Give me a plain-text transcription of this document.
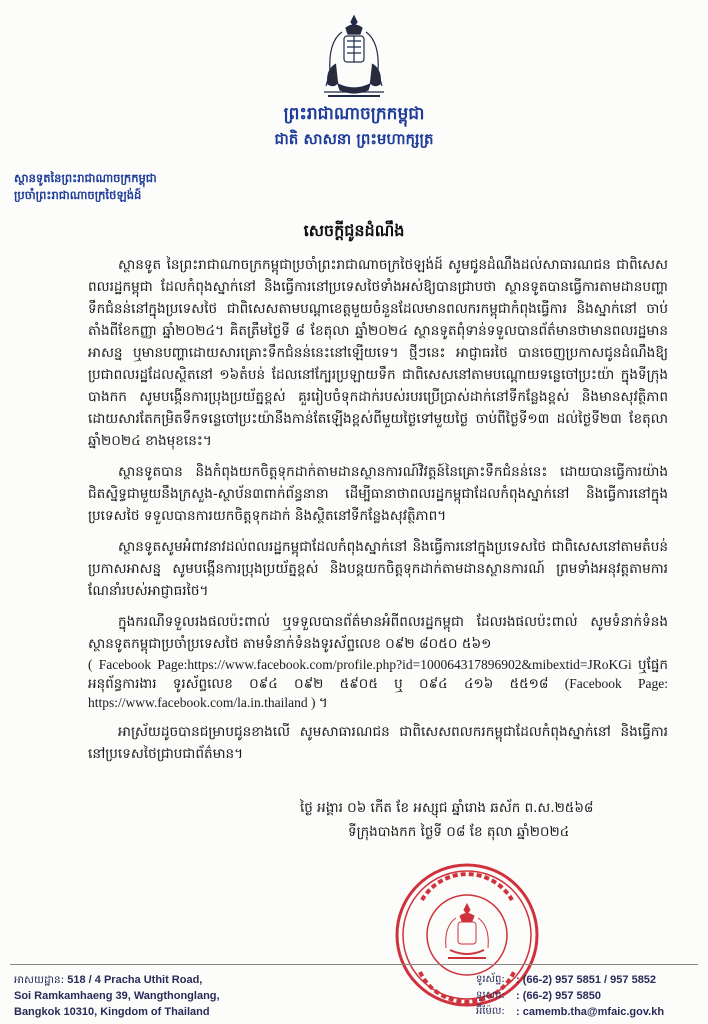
ព្រះរាជាណាចក្រកម្ពុជា
ជាតិ សាសនា ព្រះមហាក្សត្រ
ស្ថានទូតនៃព្រះរាជាណាចក្រកម្ពុជា
ប្រចាំព្រះរាជាណាចក្រថៃឡង់ដ៍
សេចក្តីជូនដំណឹង

ស្ថានទូត នៃព្រះរាជាណាចក្រកម្ពុជាប្រចាំព្រះរាជាណាចក្រថៃឡង់ដ៍ សូមជូនដំណឹងដល់សាធារណជន ជាពិសេសពលរដ្ឋកម្ពុជា ដែលកំពុងស្នាក់នៅ និងធ្វើការនៅប្រទេសថៃទាំងអស់ឱ្យបានជ្រាបថា ស្ថានទូតបានធ្វើការតាមដានបញ្ហាទឹកជំនន់នៅក្នុងប្រទេសថៃ ជាពិសេសតាមបណ្តាខេត្តមួយចំនួនដែលមានពលករកម្ពុជាកំពុងធ្វើការ និងស្នាក់នៅ ចាប់តាំងពីខែកញ្ញា ឆ្នាំ២០២៤។ គិតត្រឹមថ្ងៃទី ៨ ខែតុលា ឆ្នាំ២០២៤ ស្ថានទូតពុំទាន់ទទួលបានព័ត៌មានថាមានពលរដ្ឋមានអាសន្ន ឬមានបញ្ហាដោយសារគ្រោះទឹកជំនន់នេះនៅឡើយទេ។ ថ្មីៗនេះ អាជ្ញាធរថៃ បានចេញប្រកាសជូនដំណឹងឱ្យប្រជាពលរដ្ឋដែលស្ថិតនៅ ១៦តំបន់ ដែលនៅក្បែរប្រឡាយទឹក ជាពិសេសនៅតាមបណ្តោយទន្លេចៅប្រះយ៉ា ក្នុងទីក្រុងបាងកក សូមបង្កើនការប្រុងប្រយ័ត្នខ្ពស់ គួររៀបចំទុកដាក់របស់របរប្រើប្រាស់ដាក់នៅទីកន្លែងខ្ពស់ និងមានសុវត្ថិភាព ដោយសារតែកម្រិតទឹកទន្លេចៅប្រះយ៉ានឹងកាន់តែឡើងខ្ពស់ពីមួយថ្ងៃទៅមួយថ្ងៃ ចាប់ពីថ្ងៃទី១៣ ដល់ថ្ងៃទី២៣ ខែតុលា ឆ្នាំ២០២៤ ខាងមុខនេះ។

ស្ថានទូតបាន និងកំពុងយកចិត្តទុកដាក់តាមដានស្ថានការណ៍វិវត្តន៍នៃគ្រោះទឹកជំនន់នេះ ដោយបានធ្វើការយ៉ាងជិតស្និទ្ធជាមួយនឹងក្រសួង-ស្ថាប័ន៣ពាក់ព័ន្ធនានា ដើម្បីធានាថាពលរដ្ឋកម្ពុជាដែលកំពុងស្នាក់នៅ និងធ្វើការនៅក្នុងប្រទេសថៃ ទទួលបានការយកចិត្តទុកដាក់ និងស្ថិតនៅទីកន្លែងសុវត្ថិភាព។

ស្ថានទូតសូមអំពាវនាវដល់ពលរដ្ឋកម្ពុជាដែលកំពុងស្នាក់នៅ និងធ្វើការនៅក្នុងប្រទេសថៃ ជាពិសេសនៅតាមតំបន់ប្រកាសអាសន្ន សូមបង្កើនការប្រុងប្រយ័ត្នខ្ពស់ និងបន្តយកចិត្តទុកដាក់តាមដានស្ថានការណ៍ ព្រមទាំងអនុវត្តតាមការណែនាំរបស់អាជ្ញាធរថៃ។

ក្នុងករណីទទួលរងផលប៉ះពាល់ ឬទទួលបានព័ត៌មានអំពីពលរដ្ឋកម្ពុជា ដែលរងផលប៉ះពាល់ សូមទំនាក់ទំនងស្ថានទូតកម្ពុជាប្រចាំប្រទេសថៃ តាមទំនាក់ទំនងទូរស័ព្ទលេខ ០៩២ ៨០៥០ ៥៦១

( Facebook Page:https://www.facebook.com/profile.php?id=100064317896902&mibextid=JRoKGi ឬផ្នែកអនុព័ន្ធការងារ ទូរស័ព្ទលេខ ០៩៤ ០៩២ ៥៩០៥ ឬ ០៩៤ ៤១៦ ៥៥១៨ (Facebook Page: https://www.facebook.com/la.in.thailand ) ។

អាស្រ័យដូចបានជម្រាបជូនខាងលើ សូមសាធារណជន ជាពិសេសពលករកម្ពុជាដែលកំពុងស្នាក់នៅ និងធ្វើការនៅប្រទេសថៃជ្រាបជាព័ត៌មាន។

ថ្ងៃ អង្គារ ០៦ កើត ខែ អស្សុជ ឆ្នាំរោង ឆស័ក ព.ស.២៥៦៨
ទីក្រុងបាងកក ថ្ងៃទី ០៨ ខែ តុលា ឆ្នាំ២០២៤
អាសយដ្ឋាន: 518 / 4 Pracha Uthit Road,
Soi Ramkamhaeng 39, Wangthonglang,
Bangkok 10310, Kingdom of Thailand
ទូរស័ព្ទ:	: (66-2) 957 5851 / 957 5852
ទូរសារ:	: (66-2) 957 5850
អ៊ីម៉ែល:	: camemb.tha@mfaic.gov.kh
